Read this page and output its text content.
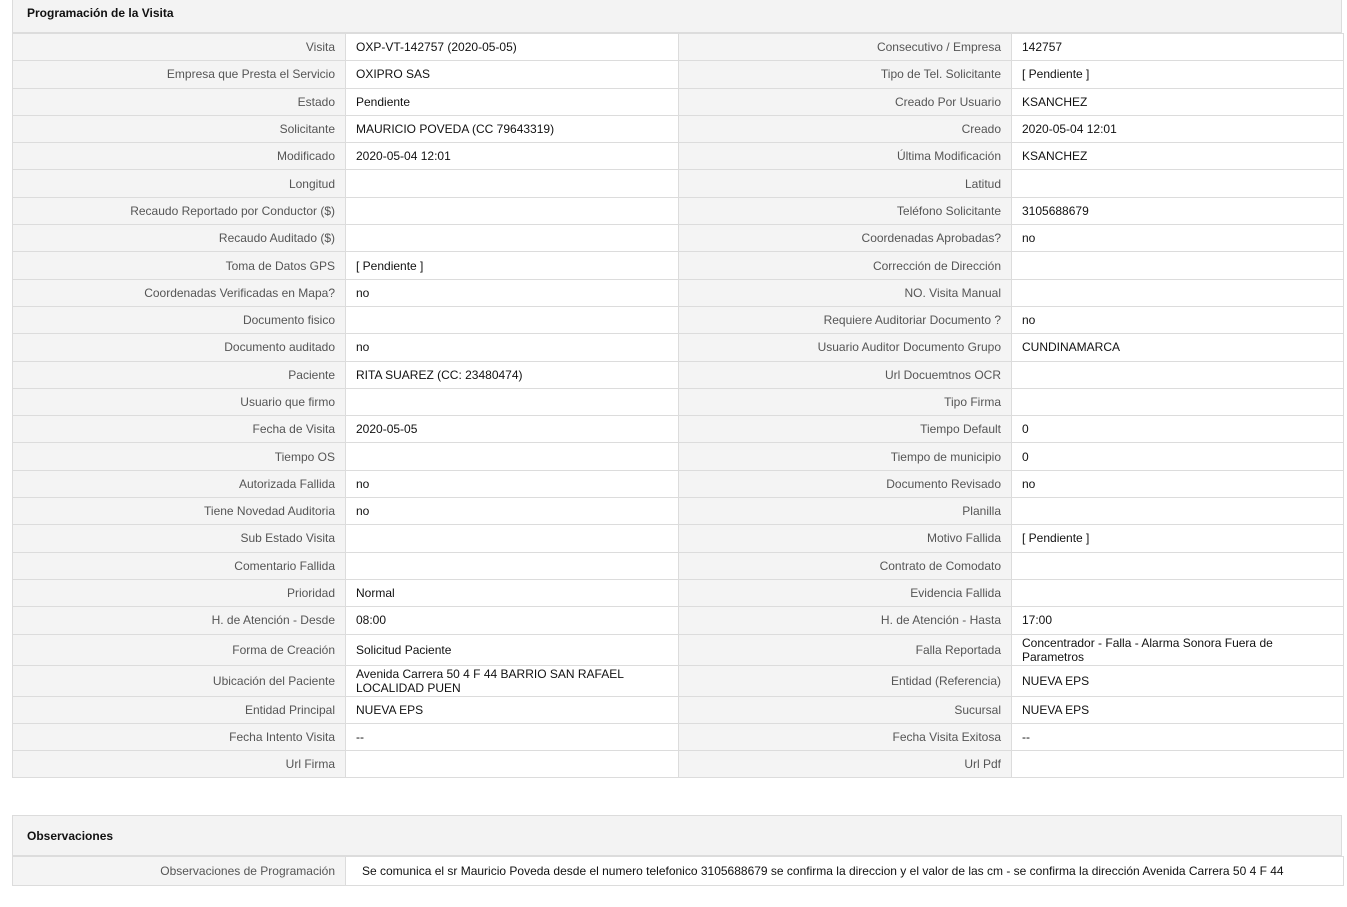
Programación de la Visita
Visita	OXP-VT-142757 (2020-05-05)	Consecutivo / Empresa	142757
Empresa que Presta el Servicio	OXIPRO SAS	Tipo de Tel. Solicitante	[ Pendiente ]
Estado	Pendiente	Creado Por Usuario	KSANCHEZ
Solicitante	MAURICIO POVEDA (CC 79643319)	Creado	2020-05-04 12:01
Modificado	2020-05-04 12:01	Última Modificación	KSANCHEZ
Longitud		Latitud	
Recaudo Reportado por Conductor ($)		Teléfono Solicitante	3105688679
Recaudo Auditado ($)		Coordenadas Aprobadas?	no
Toma de Datos GPS	[ Pendiente ]	Corrección de Dirección	
Coordenadas Verificadas en Mapa?	no	NO. Visita Manual	
Documento fisico		Requiere Auditoriar Documento ?	no
Documento auditado	no	Usuario Auditor Documento Grupo	CUNDINAMARCA
Paciente	RITA SUAREZ (CC: 23480474)	Url Docuemtnos OCR	
Usuario que firmo		Tipo Firma	
Fecha de Visita	2020-05-05	Tiempo Default	0
Tiempo OS		Tiempo de municipio	0
Autorizada Fallida	no	Documento Revisado	no
Tiene Novedad Auditoria	no	Planilla	
Sub Estado Visita		Motivo Fallida	[ Pendiente ]
Comentario Fallida		Contrato de Comodato	
Prioridad	Normal	Evidencia Fallida	
H. de Atención - Desde	08:00	H. de Atención - Hasta	17:00
Forma de Creación	Solicitud Paciente	Falla Reportada	Concentrador - Falla - Alarma Sonora Fuera de Parametros
Ubicación del Paciente	Avenida Carrera 50 4 F 44 BARRIO SAN RAFAEL LOCALIDAD PUEN	Entidad (Referencia)	NUEVA EPS
Entidad Principal	NUEVA EPS	Sucursal	NUEVA EPS
Fecha Intento Visita	--	Fecha Visita Exitosa	--
Url Firma		Url Pdf	
Observaciones
Observaciones de Programación	Se comunica el sr Mauricio Poveda desde el numero telefonico 3105688679 se confirma la direccion y el valor de las cm - se confirma la dirección Avenida Carrera 50 4 F 44
